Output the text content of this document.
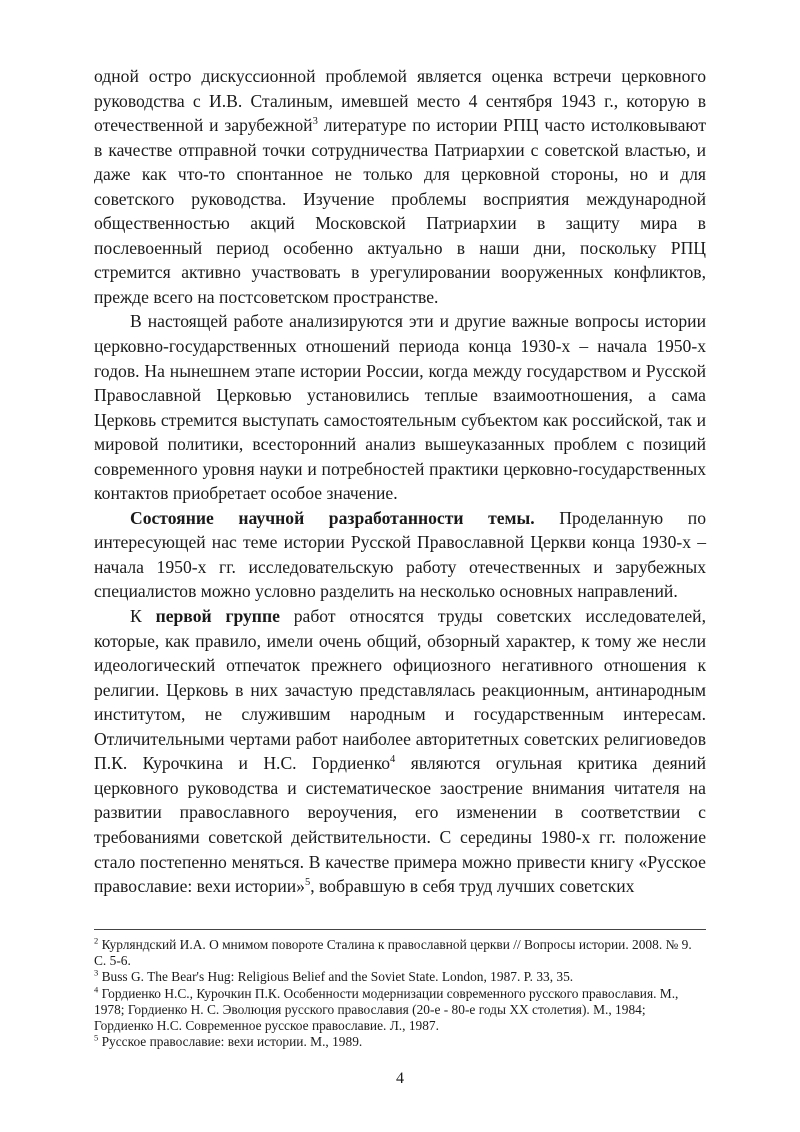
одной остро дискуссионной проблемой является оценка встречи церковного руководства с И.В. Сталиным, имевшей место 4 сентября 1943 г., которую в отечественной и зарубежной$^3$ литературе по истории РПЦ часто истолковывают в качестве отправной точки сотрудничества Патриархии с советской властью, и даже как что-то спонтанное не только для церковной стороны, но и для советского руководства. Изучение проблемы восприятия международной общественностью акций Московской Патриархии в защиту мира в послевоенный период особенно актуально в наши дни, поскольку РПЦ стремится активно участвовать в урегулировании вооруженных конфликтов, прежде всего на постсоветском пространстве.

В настоящей работе анализируются эти и другие важные вопросы истории церковно-государственных отношений периода конца 1930-х – начала 1950-х годов. На нынешнем этапе истории России, когда между государством и Русской Православной Церковью установились теплые взаимоотношения, а сама Церковь стремится выступать самостоятельным субъектом как российской, так и мировой политики, всесторонний анализ вышеуказанных проблем с позиций современного уровня науки и потребностей практики церковно-государственных контактов приобретает особое значение.

Состояние научной разработанности темы. Проделанную по интересующей нас теме истории Русской Православной Церкви конца 1930-х – начала 1950-х гг. исследовательскую работу отечественных и зарубежных специалистов можно условно разделить на несколько основных направлений.

К первой группе работ относятся труды советских исследователей, которые, как правило, имели очень общий, обзорный характер, к тому же несли идеологический отпечаток прежнего официозного негативного отношения к религии. Церковь в них зачастую представлялась реакционным, антинародным институтом, не служившим народным и государственным интересам. Отличительными чертами работ наиболее авторитетных советских религиоведов П.К. Курочкина и Н.С. Гордиенко$^4$ являются огульная критика деяний церковного руководства и систематическое заострение внимания читателя на развитии православного вероучения, его изменении в соответствии с требованиями советской действительности. С середины 1980-х гг. положение стало постепенно меняться. В качестве примера можно привести книгу «Русское православие: вехи истории»$^5$, вобравшую в себя труд лучших советских

$^2$ Курляндский И.А. О мнимом повороте Сталина к православной церкви // Вопросы истории. 2008. № 9. С. 5-6.

$^3$ Buss G. The Bear's Hug: Religious Belief and the Soviet State. London, 1987. P. 33, 35.

$^4$ Гордиенко Н.С., Курочкин П.К. Особенности модернизации современного русского православия. М., 1978; Гордиенко Н. С. Эволюция русского православия (20-е - 80-е годы XX столетия). М., 1984; Гордиенко Н.С. Современное русское православие. Л., 1987.

$^5$ Русское православие: вехи истории. М., 1989.

4
